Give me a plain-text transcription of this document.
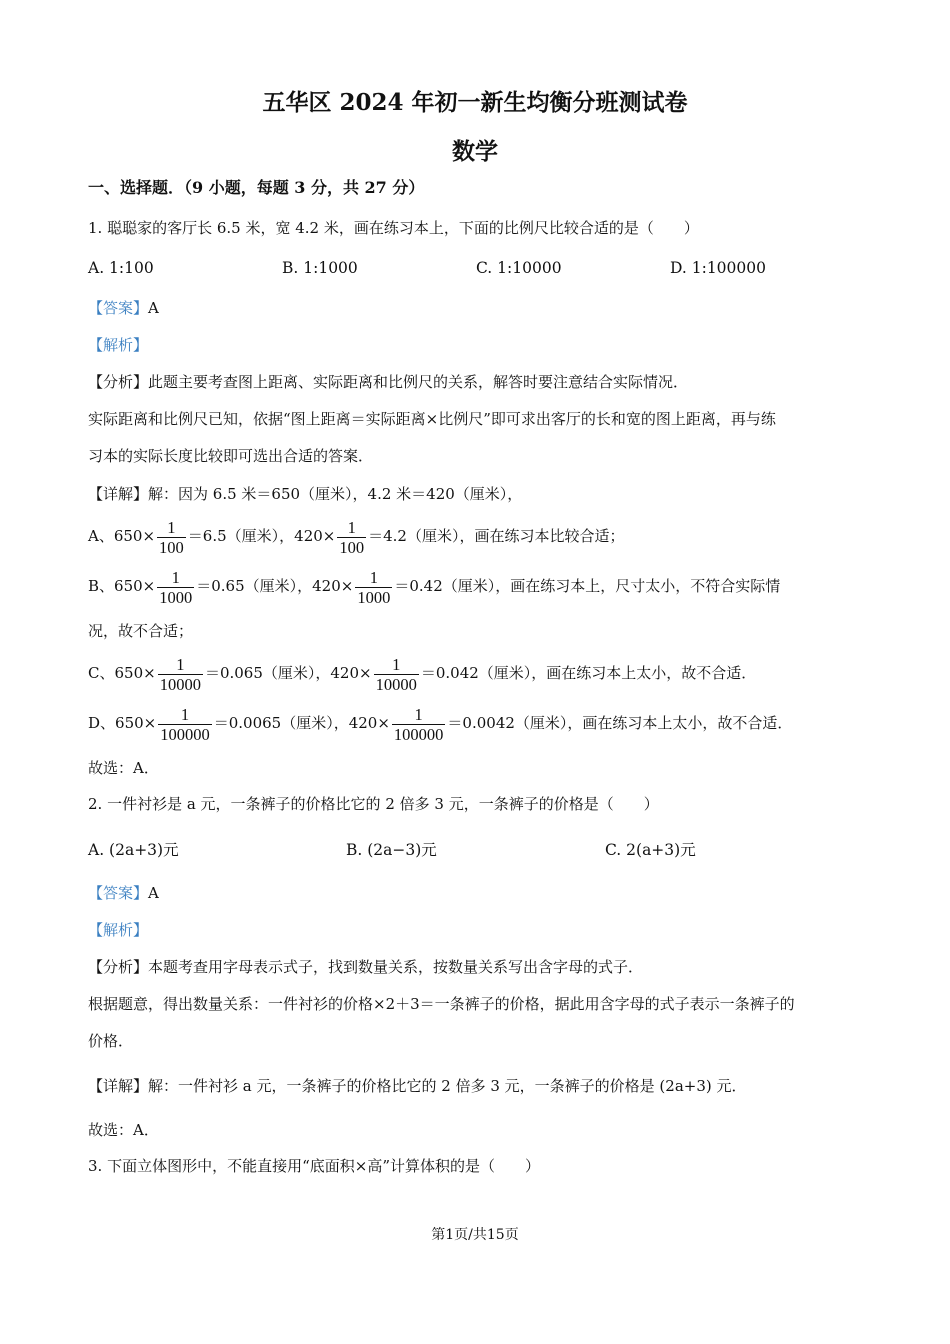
五华区 2024 年初一新生均衡分班测试卷
数学
一、选择题．（9 小题，每题 3 分，共 27 分）
1. 聪聪家的客厅长 6.5 米，宽 4.2 米，画在练习本上，下面的比例尺比较合适的是（　　）
A. 1:100	B. 1:1000	C. 1:10000	D. 1:100000
【答案】A
【解析】
【分析】此题主要考查图上距离、实际距离和比例尺的关系，解答时要注意结合实际情况．
实际距离和比例尺已知，依据“图上距离＝实际距离×比例尺”即可求出客厅的长和宽的图上距离，再与练
习本的实际长度比较即可选出合适的答案．
【详解】解：因为 6.5 米＝650（厘米），4.2 米＝420（厘米），
A、$650\times \frac{1}{100} =6.5$（厘米），$420\times \frac{1}{100} =4.2$（厘米），画在练习本比较合适；
B、$650\times \frac{1}{1000} =0.65$（厘米），$420\times \frac{1}{1000} =0.42$（厘米），画在练习本上，尺寸太小，不符合实际情
况，故不合适；
C、$650\times \frac{1}{10000} =0.065$（厘米），$420\times \frac{1}{10000} =0.042$（厘米），画在练习本上太小，故不合适．
D、$650\times \frac{1}{100000} =0.0065$（厘米），$420\times \frac{1}{100000} =0.0042$（厘米），画在练习本上太小，故不合适．
故选：A．
2. 一件衬衫是 a 元，一条裤子的价格比它的 2 倍多 3 元，一条裤子的价格是（　　）
A. (2a+3)元	B. (2a−3)元	C. 2(a+3)元
【答案】A
【解析】
【分析】本题考查用字母表示式子，找到数量关系，按数量关系写出含字母的式子．
根据题意，得出数量关系：一件衬衫的价格×2＋3＝一条裤子的价格，据此用含字母的式子表示一条裤子的
价格．
【详解】解：一件衬衫 a 元，一条裤子的价格比它的 2 倍多 3 元，一条裤子的价格是 (2a+3) 元．
故选：A．
3. 下面立体图形中，不能直接用“底面积×高”计算体积的是（　　）
第1页/共15页
